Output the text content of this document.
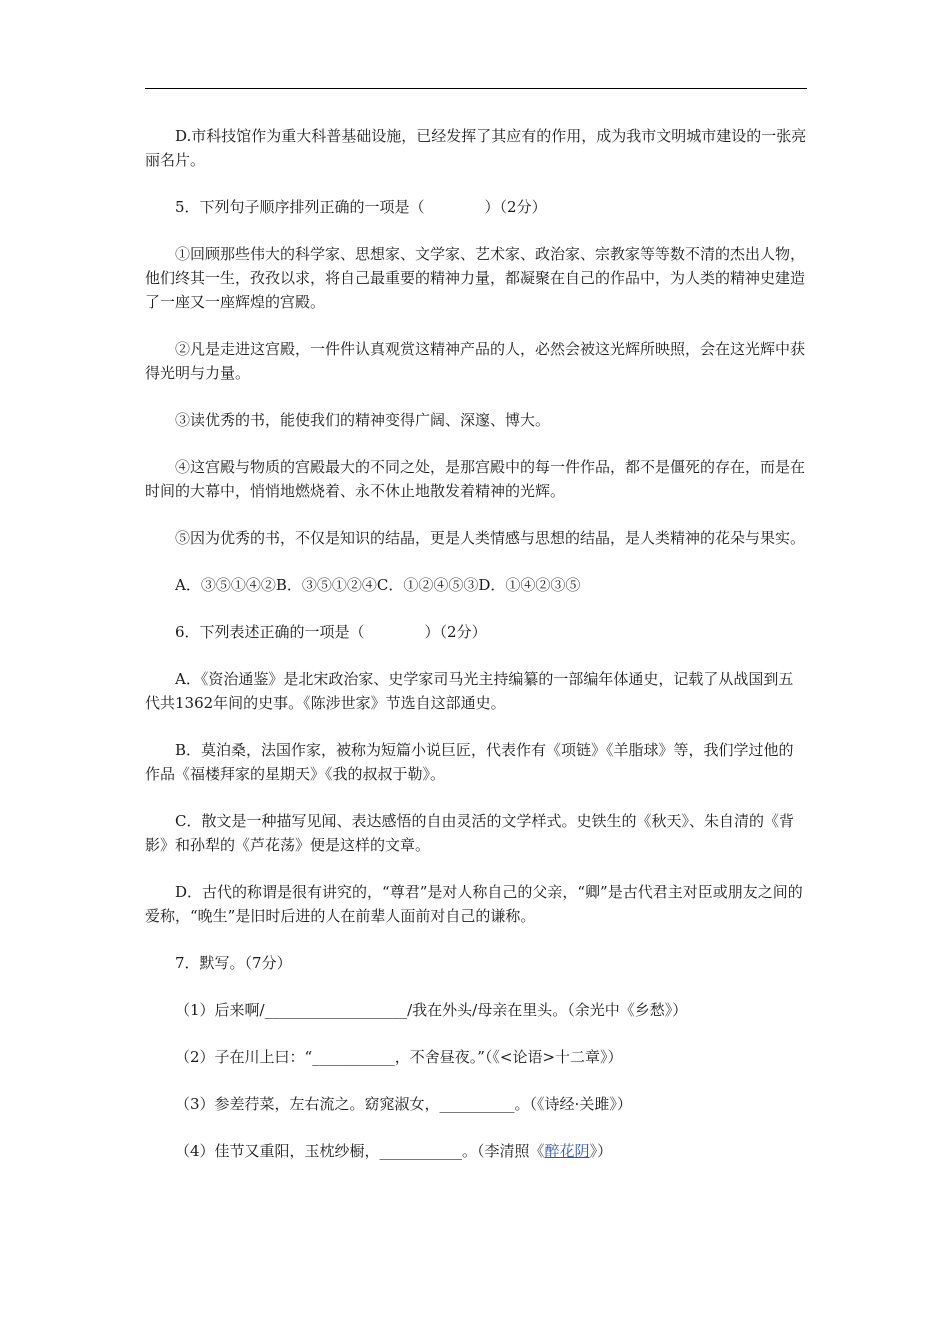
D.市科技馆作为重大科普基础设施，已经发挥了其应有的作用，成为我市文明城市建设的一张亮丽名片。

5．下列句子顺序排列正确的一项是（　　　　）（2分）

①回顾那些伟大的科学家、思想家、文学家、艺术家、政治家、宗教家等等数不清的杰出人物，他们终其一生，孜孜以求，将自己最重要的精神力量，都凝聚在自己的作品中，为人类的精神史建造了一座又一座辉煌的宫殿。

②凡是走进这宫殿，一件件认真观赏这精神产品的人，必然会被这光辉所映照，会在这光辉中获得光明与力量。

③读优秀的书，能使我们的精神变得广阔、深邃、博大。

④这宫殿与物质的宫殿最大的不同之处，是那宫殿中的每一件作品，都不是僵死的存在，而是在时间的大幕中，悄悄地燃烧着、永不休止地散发着精神的光辉。

⑤因为优秀的书，不仅是知识的结晶，更是人类情感与思想的结晶，是人类精神的花朵与果实。

A．③⑤①④②B．③⑤①②④C．①②④⑤③D．①④②③⑤

6．下列表述正确的一项是（　　　　）（2分）

A．《资治通鉴》是北宋政治家、史学家司马光主持编纂的一部编年体通史，记载了从战国到五代共1362年间的史事。《陈涉世家》节选自这部通史。

B．莫泊桑，法国作家，被称为短篇小说巨匠，代表作有《项链》《羊脂球》等，我们学过他的作品《福楼拜家的星期天》《我的叔叔于勒》。

C．散文是一种描写见闻、表达感悟的自由灵活的文学样式。史铁生的《秋天》、朱自清的《背影》和孙犁的《芦花荡》便是这样的文章。

D．古代的称谓是很有讲究的，“尊君”是对人称自己的父亲，“卿”是古代君主对臣或朋友之间的爱称，“晚生”是旧时后进的人在前辈人面前对自己的谦称。

7．默写。（7分）

（1）后来啊/___________________/我在外头/母亲在里头。（余光中《乡愁》）

（2）子在川上曰：“___________，不舍昼夜。”（《<论语>十二章》）

（3）参差荇菜，左右流之。窈窕淑女，__________。（《诗经·关雎》）

（4）佳节又重阳，玉枕纱橱，___________。（李清照《醉花阴》）
